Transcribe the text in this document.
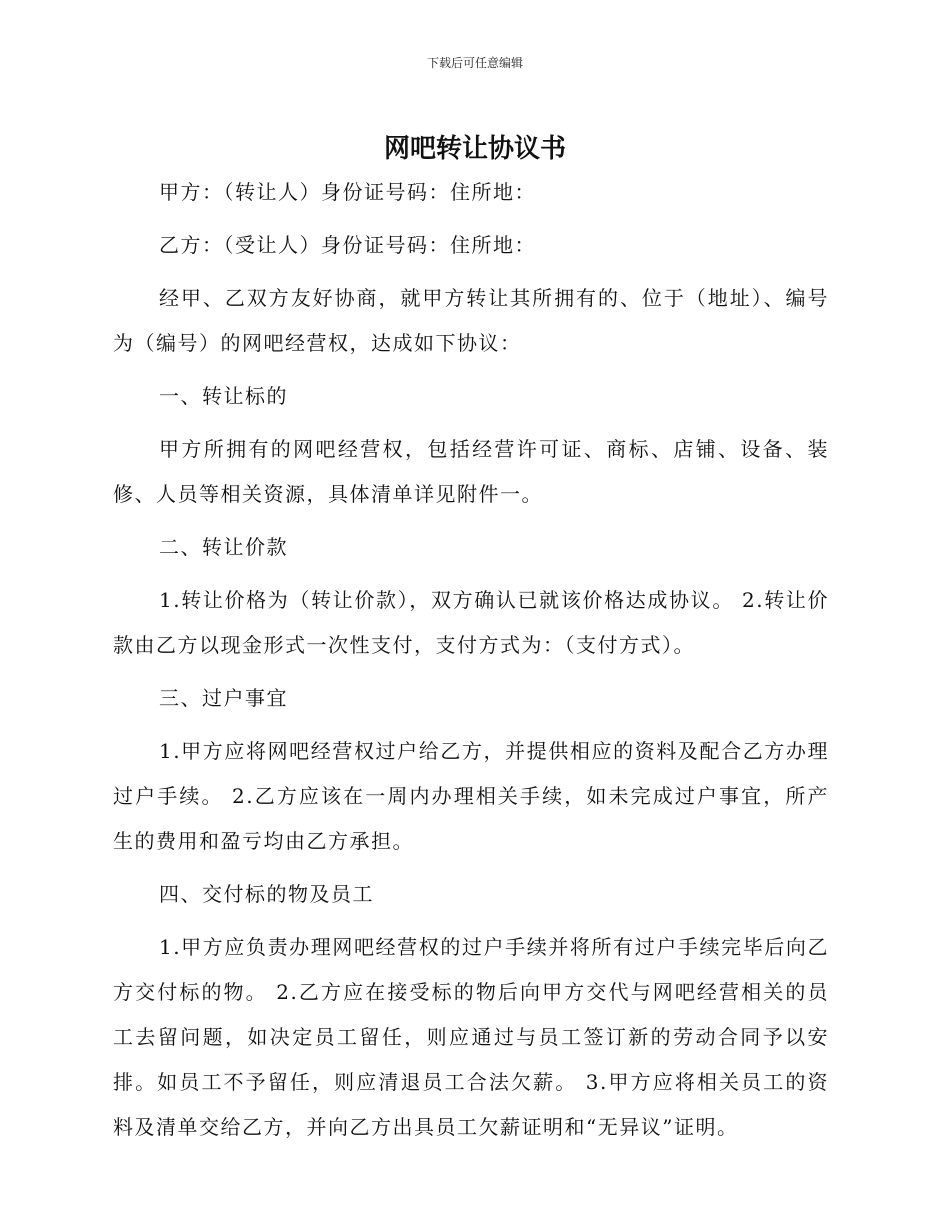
下载后可任意编辑
网吧转让协议书

甲方：（转让人）身份证号码：住所地：

乙方：（受让人）身份证号码：住所地：

经甲、乙双方友好协商，就甲方转让其所拥有的、位于（地址）、编号为（编号）的网吧经营权，达成如下协议：

一、转让标的

甲方所拥有的网吧经营权，包括经营许可证、商标、店铺、设备、装修、人员等相关资源，具体清单详见附件一。

二、转让价款

1.转让价格为（转让价款），双方确认已就该价格达成协议。 2.转让价款由乙方以现金形式一次性支付，支付方式为：（支付方式）。

三、过户事宜

1.甲方应将网吧经营权过户给乙方，并提供相应的资料及配合乙方办理过户手续。 2.乙方应该在一周内办理相关手续，如未完成过户事宜，所产生的费用和盈亏均由乙方承担。

四、交付标的物及员工

1.甲方应负责办理网吧经营权的过户手续并将所有过户手续完毕后向乙方交付标的物。 2.乙方应在接受标的物后向甲方交代与网吧经营相关的员工去留问题，如决定员工留任，则应通过与员工签订新的劳动合同予以安排。如员工不予留任，则应清退员工合法欠薪。 3.甲方应将相关员工的资料及清单交给乙方，并向乙方出具员工欠薪证明和“无异议”证明。
